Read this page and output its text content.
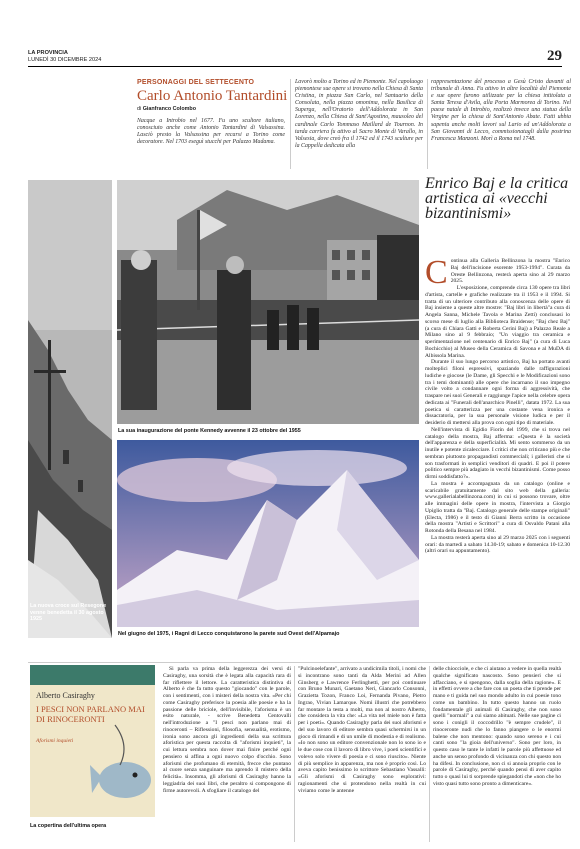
LA PROVINCIA
LUNEDÌ 30 DICEMBRE 2024	29
PERSONAGGI DEL SETTECENTO
Carlo Antonio Tantardini
di Gianfranco Colombo
Nacque a Introbio nel 1677. Fu uno scultore italiano, conosciuto anche come Antonio Tantardini di Valsassina. Lasciò presto la Valsassina per recarsi a Torino come decoratore. Nel 1703 eseguì stucchi per Palazzo Madama.
Lavorò molto a Torino ed in Piemonte. Nel capoluogo piemontese sue opere si trovano nella Chiesa di Santa Cristina, in piazza San Carlo, nel Santuario della Consolata, nella piazza omonima, nella Basilica di Superga, nell'Oratorio dell'Addolorata in San Lorenzo, nella Chiesa di Sant'Agostino, mausoleo del cardinale Carlo Tommaso Maillard de Tournon. In tarda carriera fu attivo al Sacro Monte di Varallo, in Valsesia, dove creò fra il 1742 ed il 1743 sculture per la Cappella dedicata alla
rappresentazione del processo a Gesù Cristo davanti al tribunale di Anna. Fu attivo in altre località del Piemonte e sue opere furono utilizzate per la chiesa intitolata a Santa Teresa d'Avila, alla Porta Marmorea di Torino. Nel paese natale di Introbio, realizzò invece una statua della Vergine per la chiesa di Sant'Antonio Abate. Fatti ubbia sapeniu anche molti lavori sul Lario ed un'Addolorata a San Giovanni di Lecco, commissionatagli dalla postrina Francesca Manzoni. Morì a Roma nel 1748.
La nuova croce sul Resegone venne benedetta il 30 agosto 1925
La sua inaugurazione del ponte Kennedy avvenne il 23 ottobre del 1955
Nel giugno del 1975, i Ragni di Lecco conquistarono la parete sud Ovest dell'Alpamajo
Enrico Baj e la critica artistica ai «vecchi bizantinismi»
Continua alla Galleria Bellinzona la mostra "Enrico Baj dell'incisione esorente 1953-1994". Curata da Oreste Bellinzona, resterà aperta sino al 29 marzo 2025.
L'esposizione, comprende circa 130 opere tra libri d'artista, cartelle e grafiche realizzate tra il 1953 e il 1994. Si tratta di un ulteriore contributo alla conoscenza delle opere di Baj insieme a queste altre mostre: "Baj libri in libertà"a cura di Angela Sanna, Michele Tavola e Marina Zetti) conclusasi lo scorso mese di luglio alla Biblioteca Braidense; "Baj chez Baj" (a cura di Chiara Gatti e Roberta Cerini Baj) a Palazzo Reale a Milano sino al 9 febbraio; "Un viaggio tra ceramica e sperimentazione nel centenario di Enrico Baj" (a cura di Luca Bochicchio) al Museo della Ceramica di Savona e al MuDA di Albissola Marina.
Durante il suo lungo percorso artistico, Baj ha portato avanti molteplici filoni espressivi, spaziando dalle raffigurazioni ludiche e giocose (le Dame, gli Specchi e le Modificazioni sono tra i temi dominanti) alle opere che incarnano il suo impegno civile volto a condannare ogni forma di aggressività, che traspare nei suoi Generali e raggiunge l'apice nella celebre opera dedicata ai "Funerali dell'anarchico Pinelli", datata 1972. La sua poetica si caratterizza per una costante vena ironica e dissacratoria, per la sua personale visione ludica e per il desiderio di mettersi alla prova con ogni tipo di materiale.
Nell'intervista di Egidio Fiorin del 1999, che si trova nel catalogo della mostra, Baj afferma: «Questa è la società dell'apparenza e della superficialità. Mi sento sommerso da un inutile e potente zicalecciare. I critici che non criticano più e che sembran piuttosto propagandisti commerciali; i galleristi che si son trasformati in semplici venditori di quadri. E poi il potere politico sempre più adagiato in vecchi bizantinismi. Come posso dirmi soddisfatto?».
La mostra è accompagnata da un catalogo (online e scaricabile gratuitamente dal sito web della galleria: www.gallerialabellinzona.com) in cui si possono trovare, oltre alle immagini delle opere in mostra, l'intervista a Giorgio Upiglio tratta da "Baj. Catalogo generale delle stampe originali" (Electa, 1986) e il testo di Gianni Berra scritto in occasione della mostra "Artisti e Scrittori" a cura di Osvaldo Patani alla Rotonda della Besana nel 1984.
La mostra resterà aperta sino al 29 marzo 2025 con i seguenti orari: da martedì a sabato 14.30-19; sabato e domenica 10-12.30 (altri orari su appuntamento).
Alberto Casiraghy
I PESCI NON PARLANO MAI DI RINOCERONTI
Aforismi inquieti
La copertina dell'ultima opera
Si parla va prima della leggerezza dei versi di Casiraghy, una sorsità che è legata alla capacità rara di far riflettere il lettore. La caratteristica distintiva di Alberto è che fa tutto questo "giocando" con le parole, con i sentimenti, con i misteri della nostra vita. «Per chi come Casiraghy preferisce la poesia alle poesie e ha la passione delle briciole, dell'invisibile, l'aforisma è un esito naturale, - scrive Benedetta Centovalli nell'introduzione a "I pesci non parlano mai di rinoceronti – Riflessioni, filosofia, sensualità, erotismo, ironia sono ancora gli ingredienti della sua scrittura aforistica per questa raccolta di "aforismi inquieti", la cui lettura sembra non dover mai finire perché ogni pensiero si affina a ogni nuovo colpo d'occhio. Sono aforismi che profumano di eternità, frecce che puntano al cuore senza sanguinare ma aprendo il mistero della felicità». Insomma, gli aforismi di Casiraghy hanno la leggiadria dei suoi libri, che peraltro si compongono di firme autorevoli. A sfogliare il catalogo del
"Pulcinoelefante", arrivato a undicimila titoli, i nomi che si incontrano sono tanti da Alda Merini ad Allen Ginsberg e Lawrence Ferlinghetti, per poi continuare con Bruno Munari, Gaetano Neri, Giancarlo Consonni, Grazietta Tozon, Franco Loi, Fernanda Pivano, Pietro Ingrao, Vivian Lamarque. Nomi illustri che potrebbero far montare la testa a molti, ma non al nostro Alberto, che considera la vita che: «La vita nel miele non è fatta per i poeti». Quando Casiraghy parla dei suoi aforismi e del suo lavoro di editore sembra quasi schermirsi in un gioco di rimandi e di un umile di modestia e di realismo. «Io non sono un editore convenzionale non lo sono io e le due cose con il lavoro di libro vive, i poeti scientifici e volevo solo vivere di poesia e ci sono riuscito». Niente di più semplice in apparenza, ma non è proprio così. Lo aveva capito benissimo lo scrittore Sebastiano Vassalli: «Gli aforismi di Casiraghy sono esplorativi: ragionamenti che si protendono nella realtà in cui viviamo come le antenne
delle chiocciole, e che ci aiutano a vedere in quella realtà qualche significato nascosto. Sono pensieri che si affacciano, e si spengono, dalla soglia della ragione». E in effetti ovvere a che fare con un poeta che ti prende per mano e ti guida nel suo mondo adulto in cui poesie tono come un bambino. In tutto questo hanno un ruolo fondamentale gli animali di Casiraghy, che non sono quelli "normali" a cui siamo abituati. Nelle sue pagine ci sono i conigli il coccodrillo "è sempre crudele", il rinoceronte nudi che lo fanno piangere o le enormi balene che non mentono: quando sono sereno e i cui canti sono "la gioia dell'universo". Sono per loro, in questo caso le tante le infatti le parole più affettuose ed anche un senso profondo di vicinanza con chi questo non ha difesi. In conclusione, non ci si annoia proprio con le parole di Casiraghy, perché quando pensi di aver capito tutto o quasi lui ti sorprende spiegandoti che «non che ho visto quasi tutto sono pronto a dimenticare».
